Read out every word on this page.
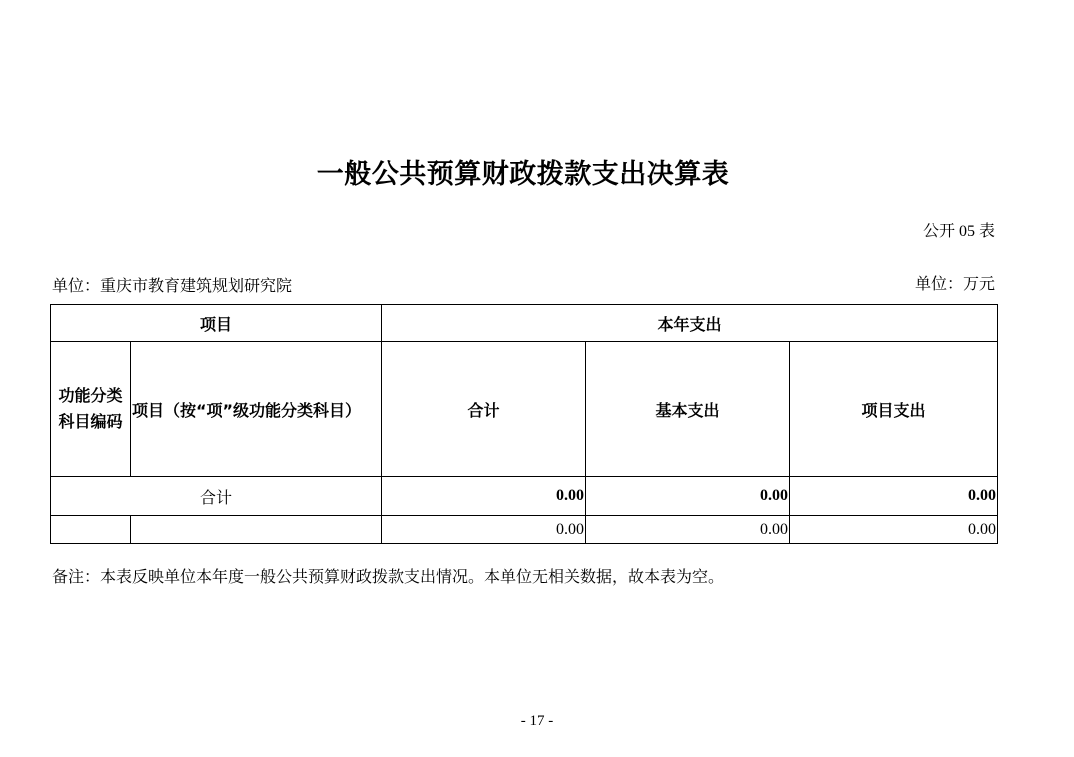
一般公共预算财政拨款支出决算表
公开 05 表
单位：重庆市教育建筑规划研究院	单位：万元
项目		本年支出		
功能分类科目编码	项目（按“项”级功能分类科目）	合计	基本支出	项目支出
合计		0.00	0.00	0.00
		0.00	0.00	0.00
备注：本表反映单位本年度一般公共预算财政拨款支出情况。本单位无相关数据，故本表为空。
- 17 -
